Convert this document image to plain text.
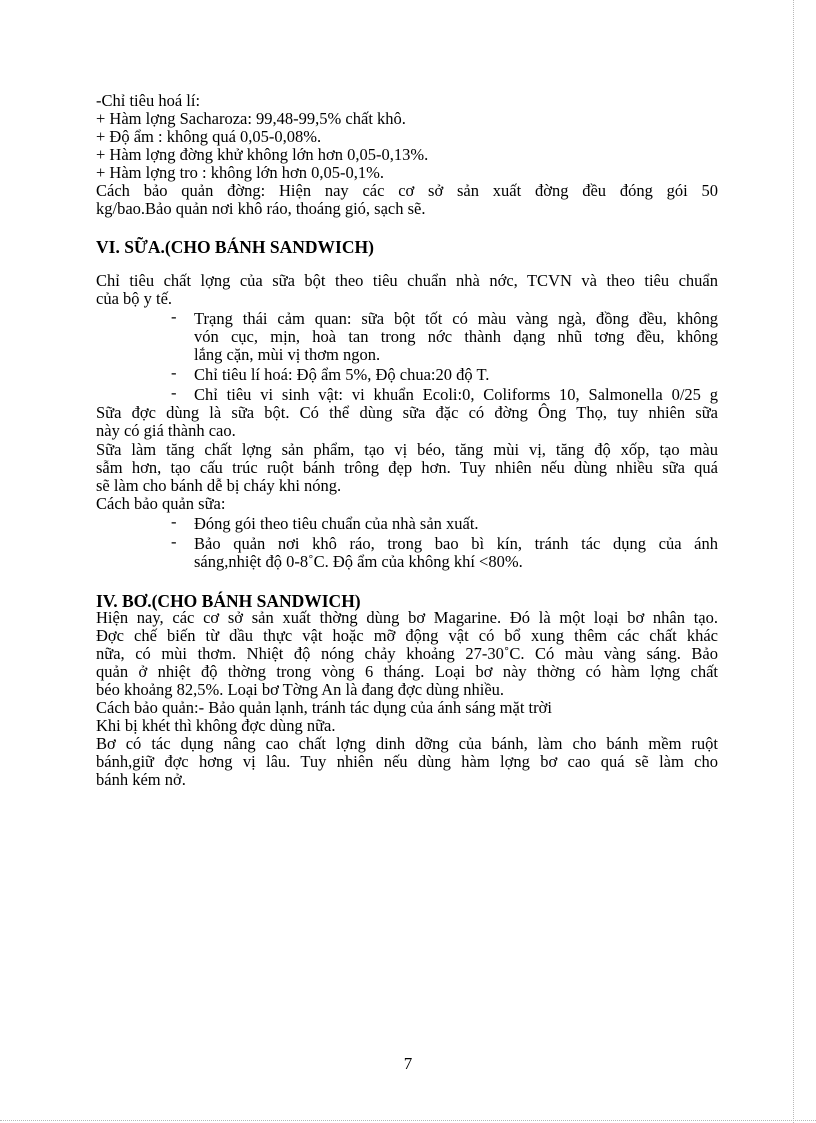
-Chỉ tiêu hoá lí:
+ Hàm lợng Sacharoza: 99,48-99,5% chất khô.
+ Độ ẩm : không quá 0,05-0,08%.
+ Hàm lợng đờng khử không lớn hơn 0,05-0,13%.
+ Hàm lợng tro : không lớn hơn 0,05-0,1%.
Cách bảo quản đờng: Hiện nay các cơ sở sản xuất đờng đều đóng gói 50
kg/bao.Bảo quản nơi khô ráo, thoáng gió, sạch sẽ.
VI. SỮA.(CHO BÁNH SANDWICH)
Chỉ tiêu chất lợng của sữa bột theo tiêu chuẩn nhà nớc, TCVN và theo tiêu chuẩn
của bộ y tế.
- Trạng thái cảm quan: sữa bột tốt có màu vàng ngà, đồng đều, không
vón cục, mịn, hoà tan trong nớc thành dạng nhũ tơng đều, không
lắng cặn, mùi vị thơm ngon.
- Chỉ tiêu lí hoá: Độ ẩm 5%, Độ chua:20 độ T.
- Chỉ tiêu vi sinh vật: vi khuẩn Ecoli:0, Coliforms 10, Salmonella 0/25 g
Sữa đợc dùng là sữa bột. Có thể dùng sữa đặc có đờng Ông Thọ, tuy nhiên sữa
này có giá thành cao.
Sữa làm tăng chất lợng sản phẩm, tạo vị béo, tăng mùi vị, tăng độ xốp, tạo màu
sẫm hơn, tạo cấu trúc ruột bánh trông đẹp hơn. Tuy nhiên nếu dùng nhiều sữa quá
sẽ làm cho bánh dễ bị cháy khi nóng.
Cách bảo quản sữa:
- Đóng gói theo tiêu chuẩn của nhà sản xuất.
- Bảo quản nơi khô ráo, trong bao bì kín, tránh tác dụng của ánh
sáng,nhiệt độ 0-8˚C. Độ ẩm của không khí <80%.
IV. BƠ.(CHO BÁNH SANDWICH)
Hiện nay, các cơ sở sản xuất thờng dùng bơ Magarine. Đó là một loại bơ nhân tạo.
Đợc chế biến từ dầu thực vật hoặc mỡ động vật có bổ xung thêm các chất khác
nữa, có mùi thơm. Nhiệt độ nóng chảy khoảng 27-30˚C. Có màu vàng sáng. Bảo
quản ở nhiệt độ thờng trong vòng 6 tháng. Loại bơ này thờng có hàm lợng chất
béo khoảng 82,5%. Loại bơ Tờng An là đang đợc dùng nhiều.
Cách bảo quản:- Bảo quản lạnh, tránh tác dụng của ánh sáng mặt trời
Khi bị khét thì không đợc dùng nữa.
Bơ có tác dụng nâng cao chất lợng dinh dỡng của bánh, làm cho bánh mềm ruột
bánh,giữ đợc hơng vị lâu. Tuy nhiên nếu dùng hàm lợng bơ cao quá sẽ làm cho
bánh kém nở.
7
